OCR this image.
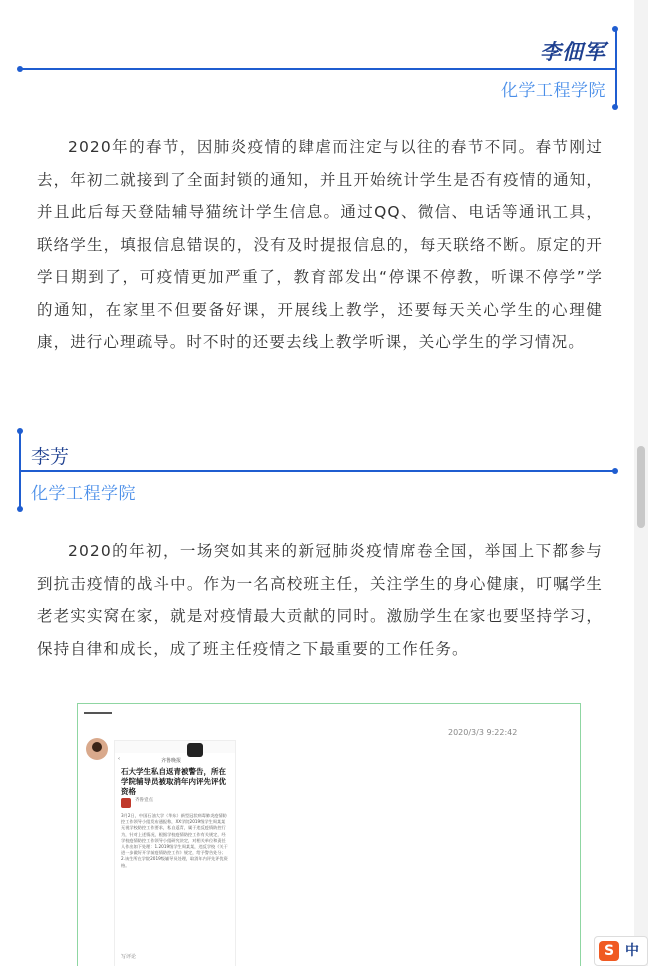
李佃军
化学工程学院
2020年的春节，因肺炎疫情的肆虐而注定与以往的春节不同。春节刚过去，年初二就接到了全面封锁的通知，并且开始统计学生是否有疫情的通知，并且此后每天登陆辅导猫统计学生信息。通过QQ、微信、电话等通讯工具，联络学生，填报信息错误的，没有及时提报信息的，每天联络不断。原定的开学日期到了，可疫情更加严重了，教育部发出“停课不停教，听课不停学”学的通知，在家里不但要备好课，开展线上教学，还要每天关心学生的心理健康，进行心理疏导。时不时的还要去线上教学听课，关心学生的学习情况。
李芳
化学工程学院
2020的年初，一场突如其来的新冠肺炎疫情席卷全国，举国上下都参与到抗击疫情的战斗中。作为一名高校班主任，关注学生的身心健康，叮嘱学生老老实实窝在家，就是对疫情最大贡献的同时。激励学生在家也要坚持学习，保持自律和成长，成了班主任疫情之下最重要的工作任务。
2020/3/3 9:22:42
‹	齐鲁晚报
石大学生私自返青被警告，所在学院辅导员被取消年内评先评优资格
齐鲁壹点
3月2日，中国石油大学（华东）新型冠状病毒肺炎疫情防控工作领导小组发布通报称，XX学院2019级学生周某某无视学校防控工作要求，私自返青，属于违反疫情防控行为，针对上述情况，根据学校疫情防控工作有关规定，经学校疫情防控工作领导小组研究决定，对相关单位和责任人作出如下处理：1.2019级学生周某某，违反学校《关于进一步做好开学前疫情防控工作》规定，给予警告处分；2.该生所在学院2019级辅导员处理，取消年内评先评优资格。
写评论	S 中
